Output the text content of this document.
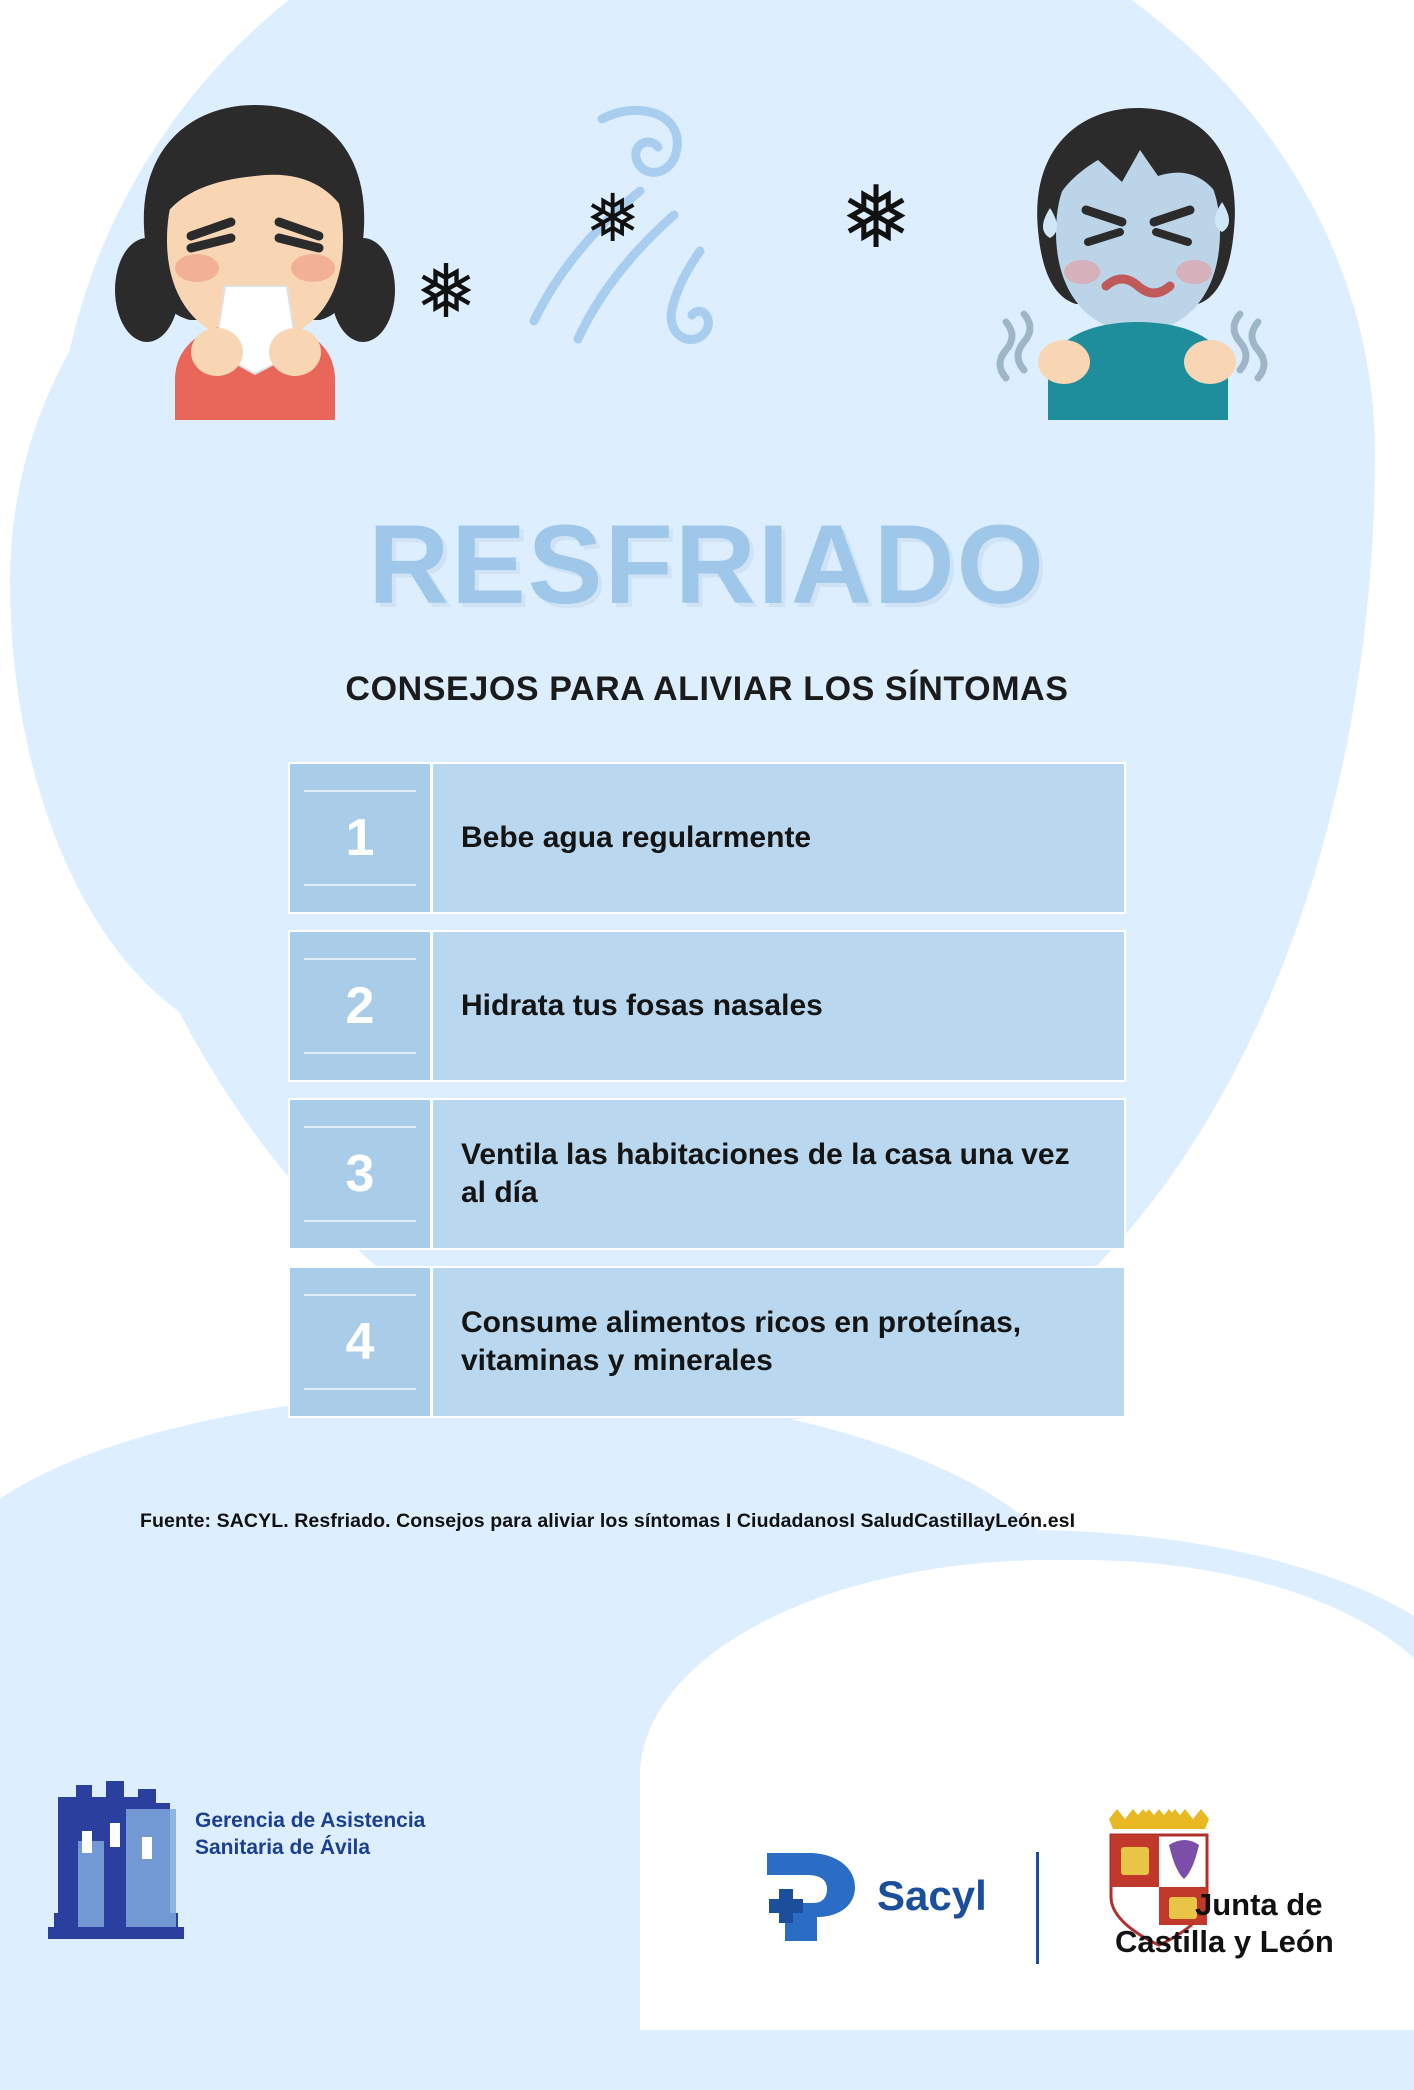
❅
❅ ❅
RESFRIADO
CONSEJOS PARA ALIVIAR LOS SÍNTOMAS
1	Bebe agua regularmente
2	Hidrata tus fosas nasales
3	Ventila las habitaciones de la casa una vez al día
4	Consume alimentos ricos en proteínas, vitaminas y minerales
Fuente: SACYL. Resfriado. Consejos para aliviar los síntomas I CiudadanosI SaludCastillayLeón.esI
Gerencia de Asistencia
Sanitaria de Ávila
Sacyl	Junta de
Castilla y León
